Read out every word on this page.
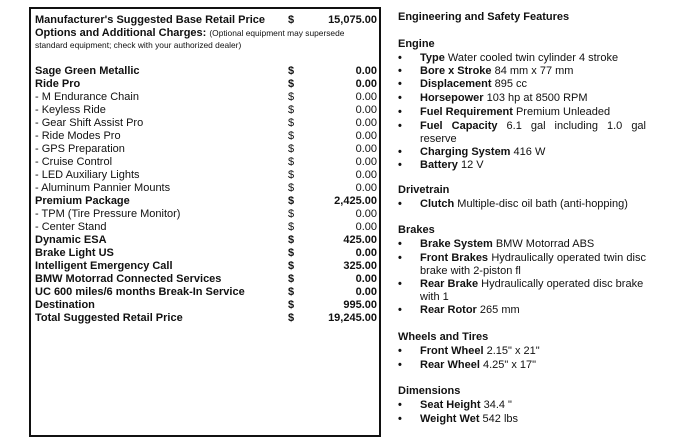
Manufacturer's Suggested Base Retail Price $	15,075.00
Options and Additional Charges: (Optional equipment may supersede
standard equipment; check with your authorized dealer)
Sage Green Metallic	$	0.00
Ride Pro	$	0.00
- M Endurance Chain	$	0.00
- Keyless Ride	$	0.00
- Gear Shift Assist Pro	$	0.00
- Ride Modes Pro	$	0.00
- GPS Preparation	$	0.00
- Cruise Control	$	0.00
- LED Auxiliary Lights	$	0.00
- Aluminum Pannier Mounts	$	0.00
Premium Package	$	2,425.00
- TPM (Tire Pressure Monitor)	$	0.00
- Center Stand	$	0.00
Dynamic ESA	$	425.00
Brake Light US	$	0.00
Intelligent Emergency Call	$	325.00
BMW Motorrad Connected Services	$	0.00
UC 600 miles/6 months Break-In Service	$	0.00
Destination	$	995.00
Total Suggested Retail Price	$	19,245.00
Engineering and Safety Features
Engine
• Type Water cooled twin cylinder 4 stroke
• Bore x Stroke 84 mm x 77 mm
• Displacement 895 cc
• Horsepower 103 hp at 8500 RPM
• Fuel Requirement Premium Unleaded
• Fuel Capacity 6.1 gal including 1.0 gal reserve
• Charging System 416 W
• Battery 12 V
Drivetrain
• Clutch Multiple-disc oil bath (anti-hopping)
Brakes
• Brake System BMW Motorrad ABS
• Front Brakes Hydraulically operated twin disc brake with 2-piston fl
• Rear Brake Hydraulically operated disc brake with 1
• Rear Rotor 265 mm
Wheels and Tires
• Front Wheel 2.15" x 21"
• Rear Wheel 4.25" x 17"
Dimensions
• Seat Height 34.4 "
• Weight Wet 542 lbs
